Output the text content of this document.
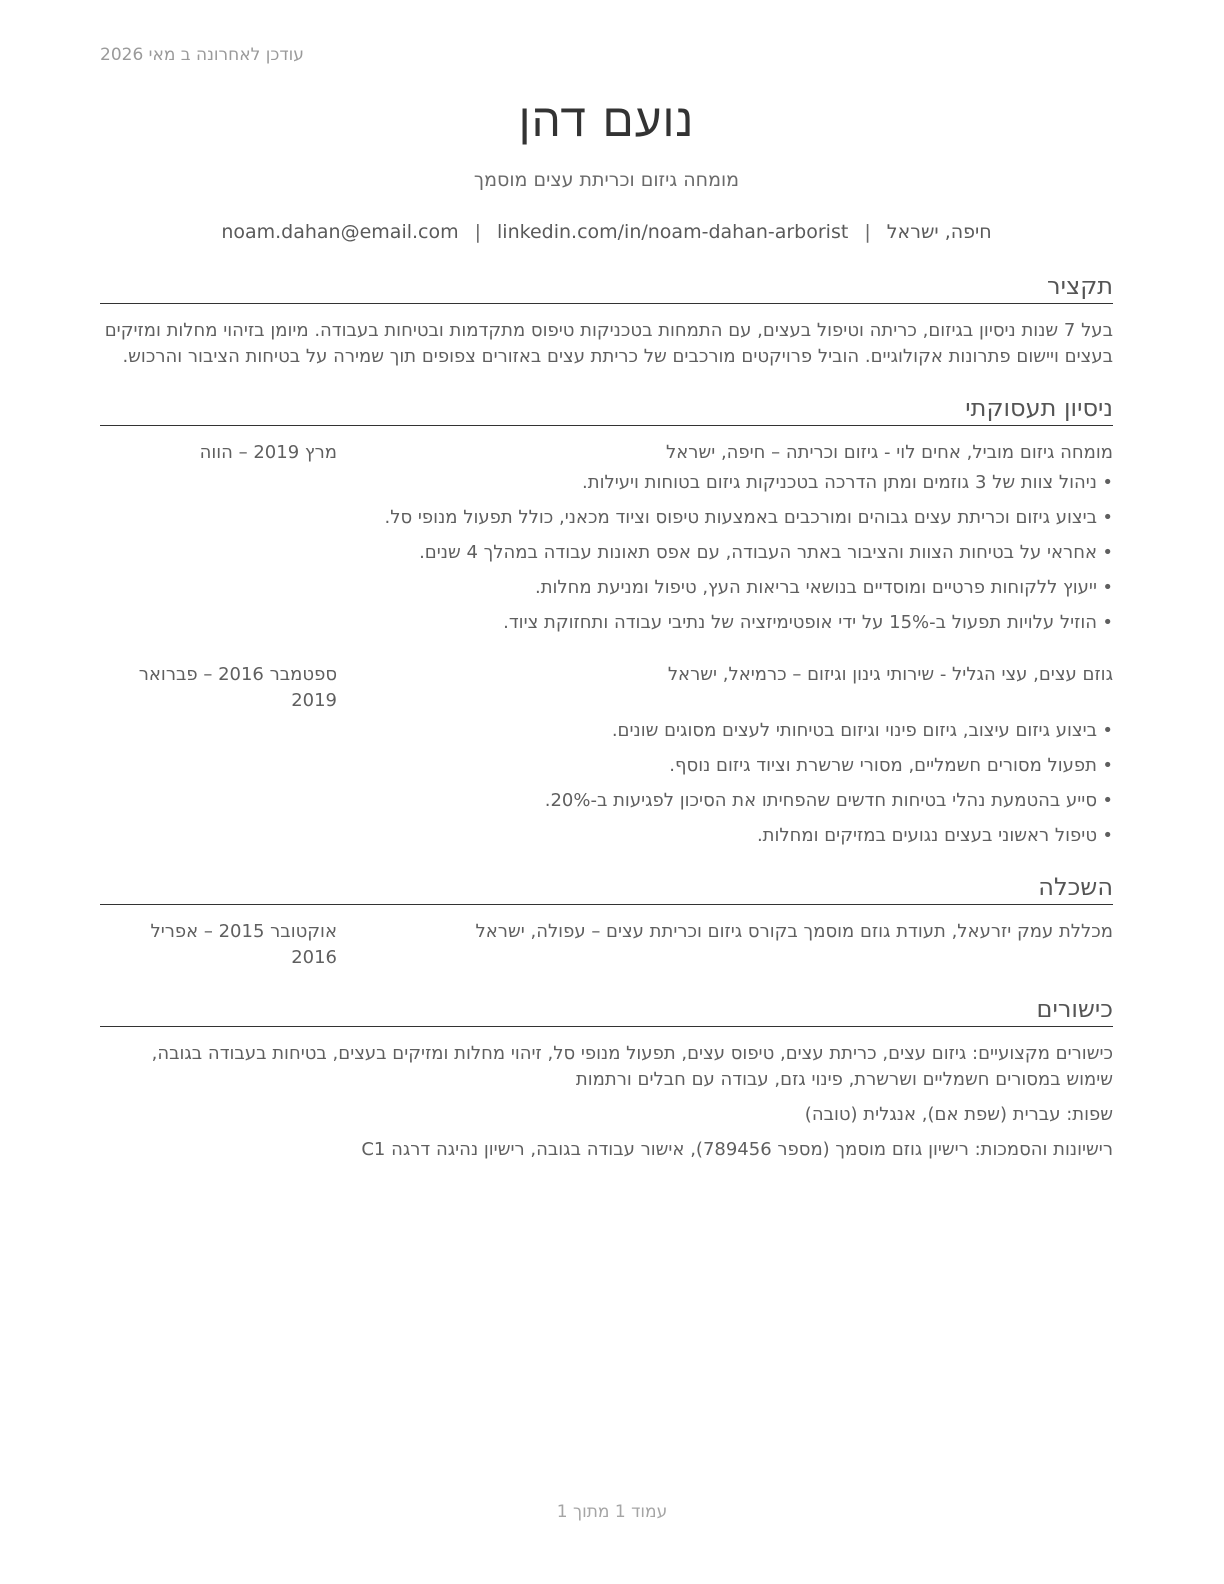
עודכן לאחרונה ב מאי 2026
נועם דהן
מומחה גיזום וכריתת עצים מוסמך
חיפה, ישראל|noam.dahan@email.com | linkedin.com/in/noam-dahan-arborist
תקציר
בעל 7 שנות ניסיון בגיזום, כריתה וטיפול בעצים, עם התמחות בטכניקות טיפוס מתקדמות ובטיחות בעבודה. מיומן בזיהוי מחלות ומזיקים בעצים ויישום פתרונות אקולוגיים. הוביל פרויקטים מורכבים של כריתת עצים באזורים צפופים תוך שמירה על בטיחות הציבור והרכוש.
ניסיון תעסוקתי
מומחה גיזום מוביל, אחים לוי - גיזום וכריתה – חיפה, ישראל
מרץ 2019 – הווה
• ניהול צוות של 3 גוזמים ומתן הדרכה בטכניקות גיזום בטוחות ויעילות.
• ביצוע גיזום וכריתת עצים גבוהים ומורכבים באמצעות טיפוס וציוד מכאני, כולל תפעול מנופי סל.
• אחראי על בטיחות הצוות והציבור באתר העבודה, עם אפס תאונות עבודה במהלך 4 שנים.
• ייעוץ ללקוחות פרטיים ומוסדיים בנושאי בריאות העץ, טיפול ומניעת מחלות.
• הוזיל עלויות תפעול ב-15% על ידי אופטימיזציה של נתיבי עבודה ותחזוקת ציוד.
גוזם עצים, עצי הגליל - שירותי גינון וגיזום – כרמיאל, ישראל
ספטמבר 2016 – פברואר 2019
• ביצוע גיזום עיצוב, גיזום פינוי וגיזום בטיחותי לעצים מסוגים שונים.
• תפעול מסורים חשמליים, מסורי שרשרת וציוד גיזום נוסף.
• סייע בהטמעת נהלי בטיחות חדשים שהפחיתו את הסיכון לפגיעות ב-20%.
• טיפול ראשוני בעצים נגועים במזיקים ומחלות.
השכלה
מכללת עמק יזרעאל, תעודת גוזם מוסמך בקורס גיזום וכריתת עצים – עפולה, ישראל
אוקטובר 2015 – אפריל 2016
כישורים

כישורים מקצועיים: גיזום עצים, כריתת עצים, טיפוס עצים, תפעול מנופי סל, זיהוי מחלות ומזיקים בעצים, בטיחות בעבודה בגובה, שימוש במסורים חשמליים ושרשרת, פינוי גזם, עבודה עם חבלים ורתמות

שפות: עברית (שפת אם), אנגלית (טובה)

רישיונות והסמכות: רישיון גוזם מוסמך (מספר 789456), אישור עבודה בגובה, רישיון נהיגה דרגה C1

עמוד 1 מתוך 1
